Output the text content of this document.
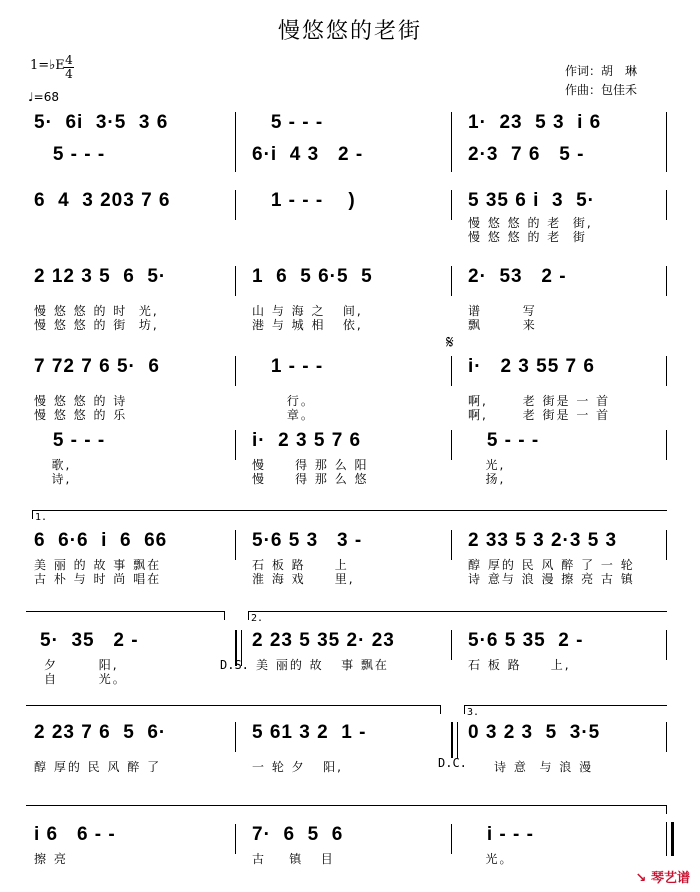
慢悠悠的老街
1=♭E 4
4
♩=68
作词：胡　琳
作曲：包佳禾
5·  6i  3·5  3 6
5 - - -
5 - - -
6·i  4 3   2 -
1·  23  5 3  i 6
2·3  7 6   5 -
6  4  3 203 7 6	1 - - -    )	5 35 6 i  3  5·
慢 悠 悠 的 老  街,
慢 悠 悠 的 老  街
2 12 3 5  6  5·
慢 悠 悠 的 时  光,
慢 悠 悠 的 街  坊,
1  6  5 6·5  5
山 与 海 之   间,
港 与 城 相   依,
2·  53   2 -
谱       写
飘       来
𝄋
7 72 7 6 5·  6
慢 悠 悠 的 诗
慢 悠 悠 的 乐
1 - - -
行。
章。
i·   2 3 55 7 6
啊,      老 街是 一 首
啊,      老 街是 一 首
5 - - -
歌,
诗,
i·  2 3 5 7 6
慢     得 那 么 阳
慢     得 那 么 悠
5 - - -
光,
扬,
1.
6  6·6  i  6  66
美 丽 的 故 事 飘在
古 朴 与 时 尚 唱在
5·6 5 3   3 -
石 板 路     上
淮 海 戏     里,
2 33 5 3 2·3 5 3
醇 厚的 民 风 醉 了 一 轮
诗 意与 浪 漫 擦 亮 古 镇
2.
5·  35   2 -
夕       阳,
自       光。
D.S.
2 23 5 35 2· 23
美 丽的 故   事 飘在
5·6 5 35  2 -
石 板 路     上,
3.
2 23 7 6  5  6·
醇 厚的 民 风 醉 了
5 61 3 2  1 -
一 轮 夕   阳,	D.C.
0 3 2 3  5  3·5
诗 意  与 浪 漫
i 6   6 - -
擦 亮
7·  6  5  6
古    镇   目
i - - -
光。
↘ 琴艺谱
